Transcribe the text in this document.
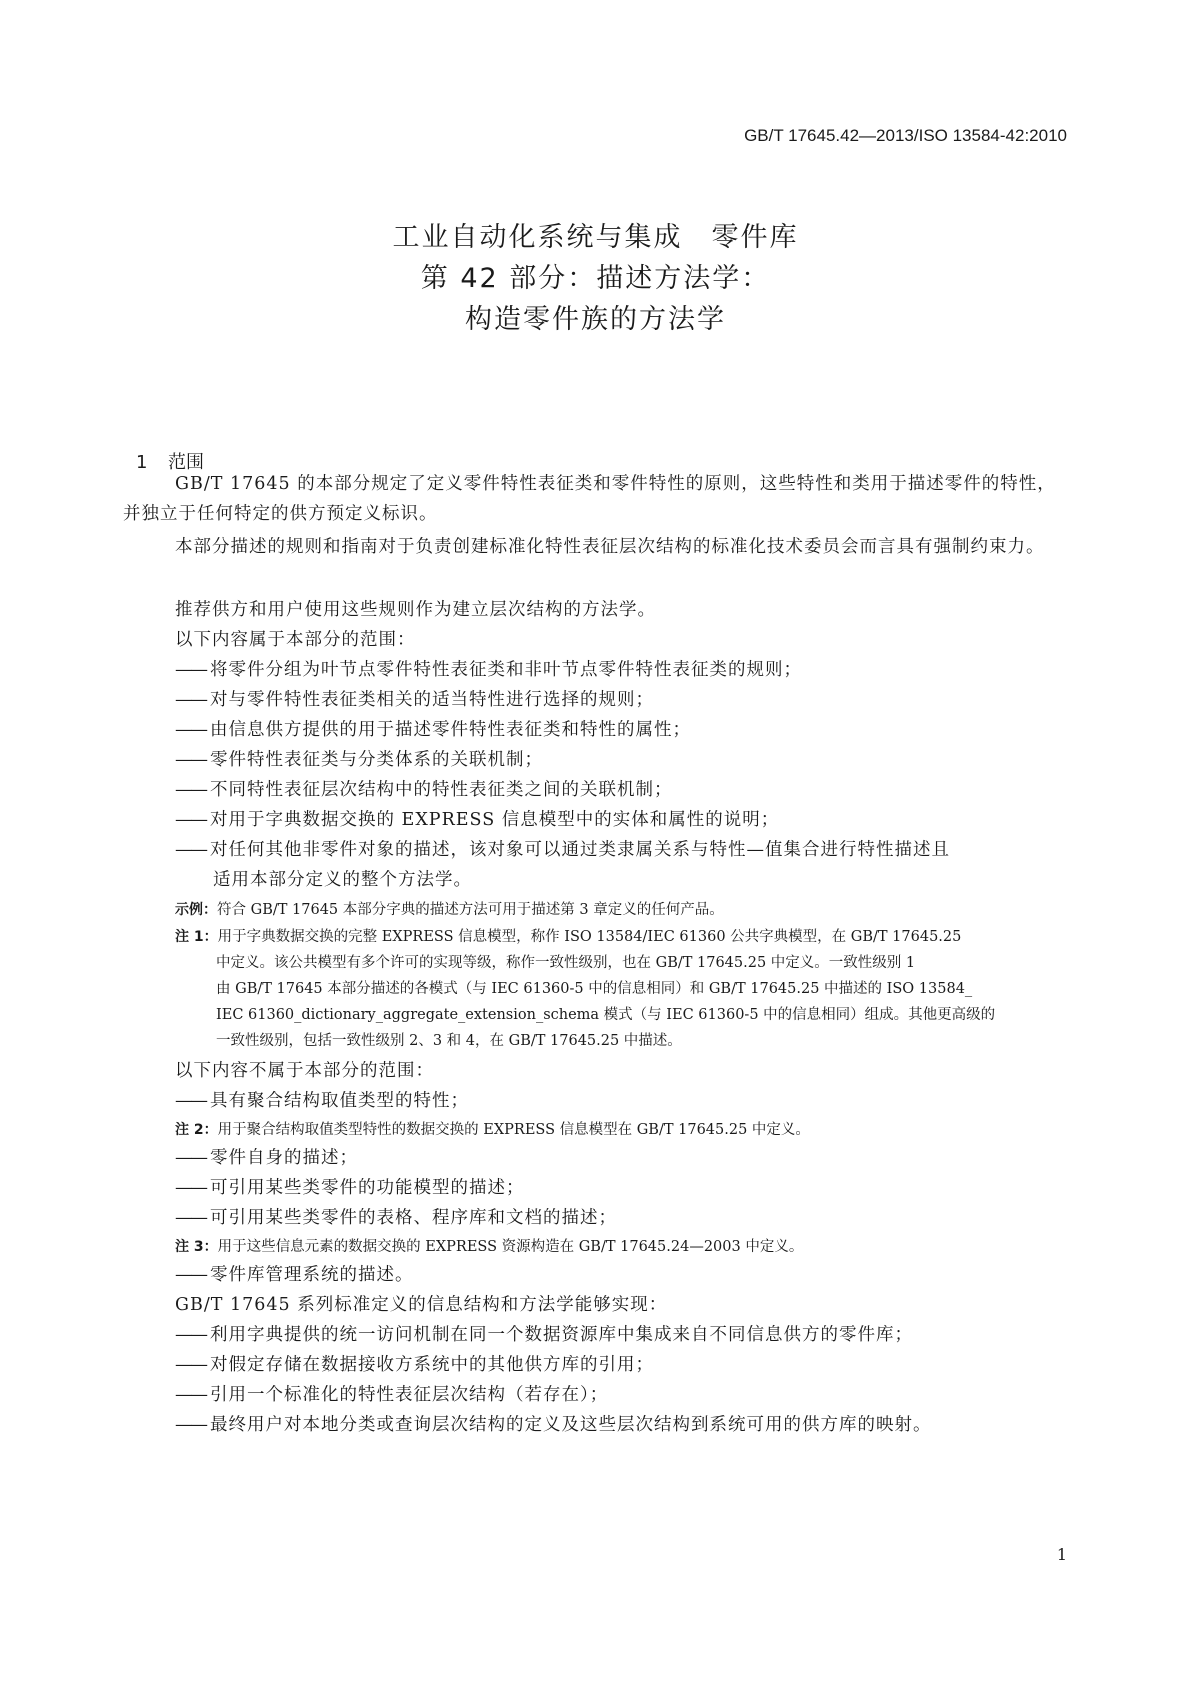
GB/T 17645.42—2013/ISO 13584-42:2010
工业自动化系统与集成　零件库
第 42 部分：描述方法学：
构造零件族的方法学
1 范围
GB/T 17645 的本部分规定了定义零件特性表征类和零件特性的原则，这些特性和类用于描述零件的特性，并独立于任何特定的供方预定义标识。
本部分描述的规则和指南对于负责创建标准化特性表征层次结构的标准化技术委员会而言具有强制约束力。
推荐供方和用户使用这些规则作为建立层次结构的方法学。
以下内容属于本部分的范围：
—— 将零件分组为叶节点零件特性表征类和非叶节点零件特性表征类的规则；
—— 对与零件特性表征类相关的适当特性进行选择的规则；
—— 由信息供方提供的用于描述零件特性表征类和特性的属性；
—— 零件特性表征类与分类体系的关联机制；
—— 不同特性表征层次结构中的特性表征类之间的关联机制；
—— 对用于字典数据交换的 EXPRESS 信息模型中的实体和属性的说明；
—— 对任何其他非零件对象的描述，该对象可以通过类隶属关系与特性—值集合进行特性描述且
适用本部分定义的整个方法学。
示例：符合 GB/T 17645 本部分字典的描述方法可用于描述第 3 章定义的任何产品。
注 1：用于字典数据交换的完整 EXPRESS 信息模型，称作 ISO 13584/IEC 61360 公共字典模型，在 GB/T 17645.25
中定义。该公共模型有多个许可的实现等级，称作一致性级别，也在 GB/T 17645.25 中定义。一致性级别 1
由 GB/T 17645 本部分描述的各模式（与 IEC 61360-5 中的信息相同）和 GB/T 17645.25 中描述的 ISO 13584_
IEC 61360_dictionary_aggregate_extension_schema 模式（与 IEC 61360-5 中的信息相同）组成。其他更高级的
一致性级别，包括一致性级别 2、3 和 4，在 GB/T 17645.25 中描述。
以下内容不属于本部分的范围：
—— 具有聚合结构取值类型的特性；
注 2：用于聚合结构取值类型特性的数据交换的 EXPRESS 信息模型在 GB/T 17645.25 中定义。
—— 零件自身的描述；
—— 可引用某些类零件的功能模型的描述；
—— 可引用某些类零件的表格、程序库和文档的描述；
注 3：用于这些信息元素的数据交换的 EXPRESS 资源构造在 GB/T 17645.24—2003 中定义。
—— 零件库管理系统的描述。
GB/T 17645 系列标准定义的信息结构和方法学能够实现：
—— 利用字典提供的统一访问机制在同一个数据资源库中集成来自不同信息供方的零件库；
—— 对假定存储在数据接收方系统中的其他供方库的引用；
—— 引用一个标准化的特性表征层次结构（若存在）；
—— 最终用户对本地分类或查询层次结构的定义及这些层次结构到系统可用的供方库的映射。
1
